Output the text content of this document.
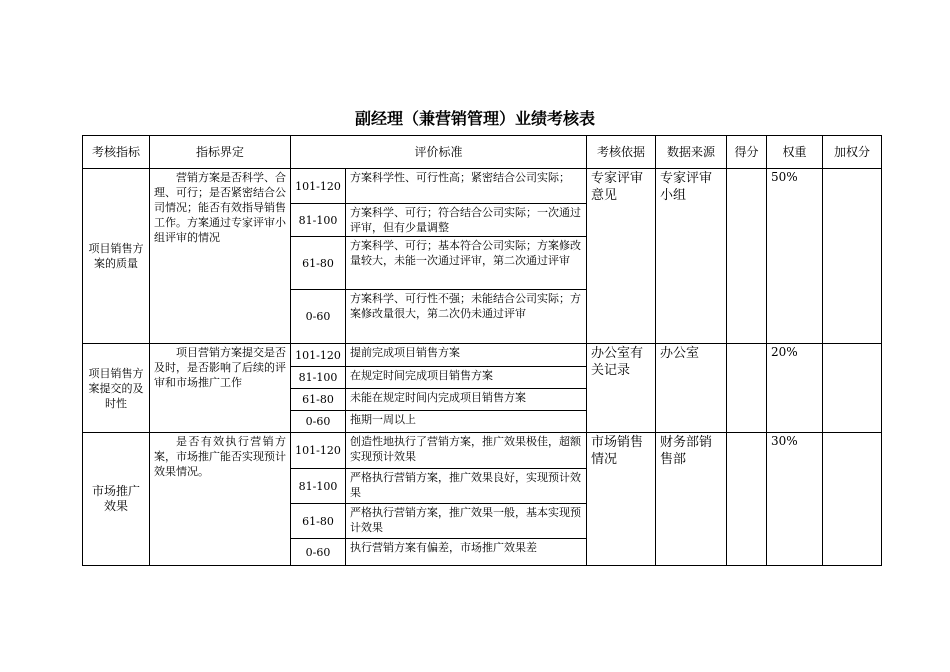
副经理（兼营销管理）业绩考核表
考核指标	指标界定	评价标准		考核依据	数据来源	得分	权重	加权分
项目销售方案的质量	营销方案是否科学、合理、可行；是否紧密结合公司情况；能否有效指导销售工作。方案通过专家评审小组评审的情况	101-120	方案科学性、可行性高；紧密结合公司实际；	专家评审意见	专家评审小组		50%	
		81-100	方案科学、可行；符合结合公司实际；一次通过评审，但有少量调整					
		61-80	方案科学、可行；基本符合公司实际；方案修改量较大，未能一次通过评审，第二次通过评审					
		0-60	方案科学、可行性不强；未能结合公司实际；方案修改量很大，第二次仍未通过评审					
项目销售方案提交的及时性	项目营销方案提交是否及时，是否影响了后续的评审和市场推广工作	101-120	提前完成项目销售方案	办公室有关记录	办公室		20%	
		81-100	在规定时间完成项目销售方案					
		61-80	未能在规定时间内完成项目销售方案					
		0-60	拖期一周以上					
市场推广效果	是否有效执行营销方案，市场推广能否实现预计效果情况。	101-120	创造性地执行了营销方案，推广效果极佳，超额实现预计效果	市场销售情况	财务部销售部		30%	
		81-100	严格执行营销方案，推广效果良好，实现预计效果					
		61-80	严格执行营销方案，推广效果一般，基本实现预计效果					
		0-60	执行营销方案有偏差，市场推广效果差					
